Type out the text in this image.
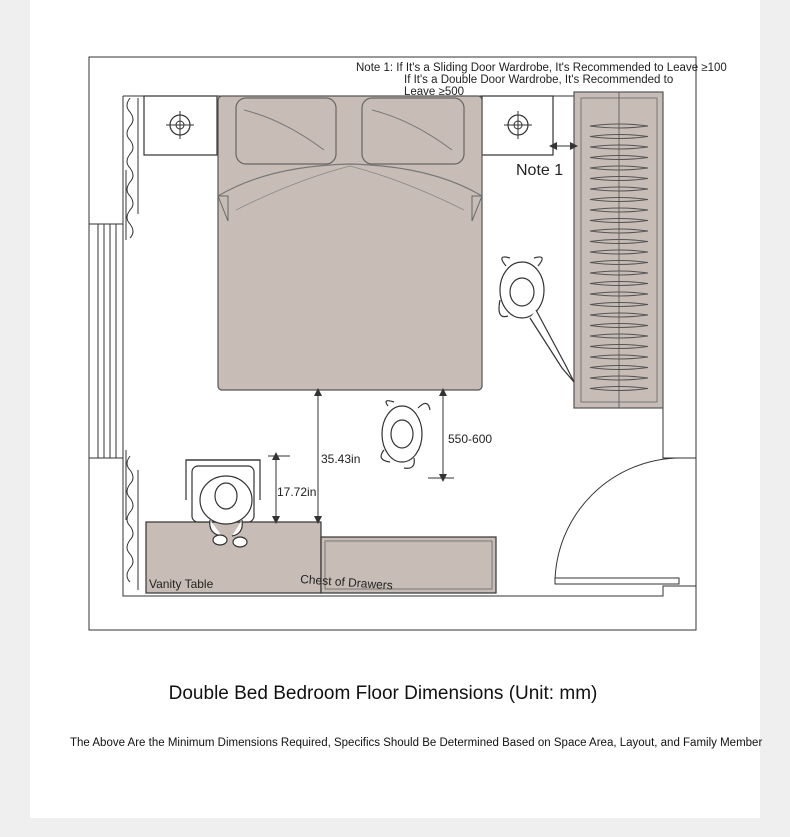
Note 1: If It's a Sliding Door Wardrobe, It's Recommended to Leave ≥100
If It's a Double Door Wardrobe, It's Recommended to
Leave ≥500
Note 1
35.43in
17.72in
550-600
Vanity Table	Chest of Drawers
Double Bed Bedroom Floor Dimensions (Unit: mm)
The Above Are the Minimum Dimensions Required, Specifics Should Be Determined Based on Space Area, Layout, and Family Member
